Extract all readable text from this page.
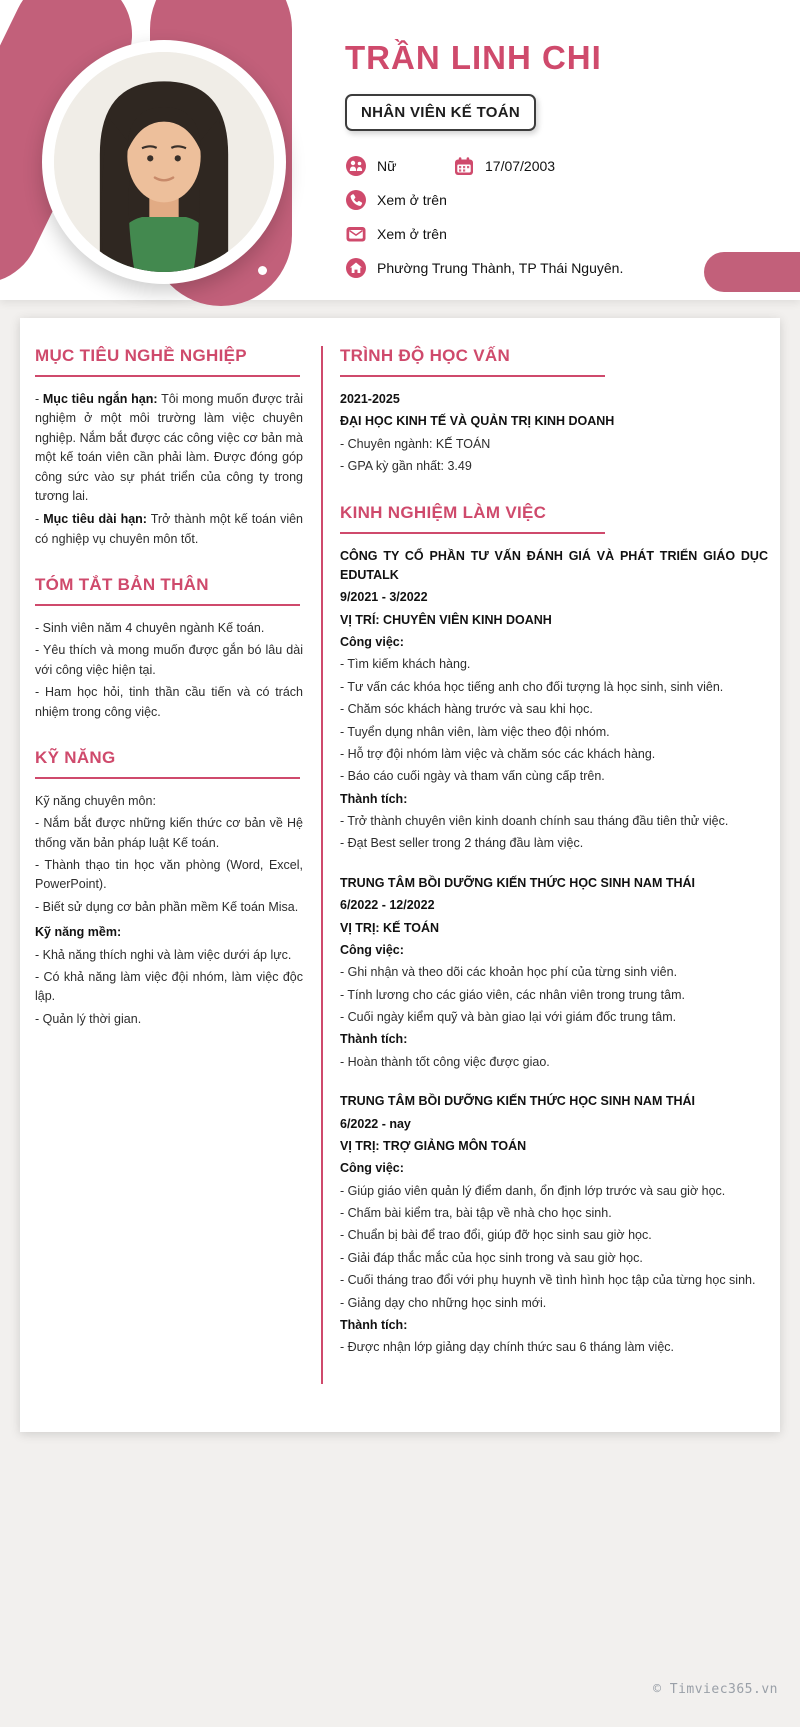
TRẦN LINH CHI
NHÂN VIÊN KẾ TOÁN
Nữ	17/07/2003
Xem ở trên
Xem ở trên
Phường Trung Thành, TP Thái Nguyên.
MỤC TIÊU NGHỀ NGHIỆP

- Mục tiêu ngắn hạn: Tôi mong muốn được trải nghiệm ở một môi trường làm việc chuyên nghiệp. Nắm bắt được các công việc cơ bản mà một kế toán viên cần phải làm. Được đóng góp công sức vào sự phát triển của công ty trong tương lai.

- Mục tiêu dài hạn: Trở thành một kế toán viên có nghiệp vụ chuyên môn tốt.

TÓM TẮT BẢN THÂN

- Sinh viên năm 4 chuyên ngành Kế toán.

- Yêu thích và mong muốn được gắn bó lâu dài với công việc hiện tại.

- Ham học hỏi, tinh thần cầu tiến và có trách nhiệm trong công việc.

KỸ NĂNG

Kỹ năng chuyên môn:

- Nắm bắt được những kiến thức cơ bản về Hệ thống văn bản pháp luật Kế toán.

- Thành thạo tin học văn phòng (Word, Excel, PowerPoint).

- Biết sử dụng cơ bản phần mềm Kế toán Misa.

Kỹ năng mềm:

- Khả năng thích nghi và làm việc dưới áp lực.

- Có khả năng làm việc đội nhóm, làm việc độc lập.

- Quản lý thời gian.

TRÌNH ĐỘ HỌC VẤN

2021-2025

ĐẠI HỌC KINH TẾ VÀ QUẢN TRỊ KINH DOANH

- Chuyên ngành: KẾ TOÁN

- GPA kỳ gần nhất: 3.49

KINH NGHIỆM LÀM VIỆC

CÔNG TY CỔ PHẦN TƯ VẤN ĐÁNH GIÁ VÀ PHÁT TRIỂN GIÁO DỤC EDUTALK

9/2021 - 3/2022

VỊ TRÍ: CHUYÊN VIÊN KINH DOANH

Công việc:

- Tìm kiếm khách hàng.

- Tư vấn các khóa học tiếng anh cho đối tượng là học sinh, sinh viên.

- Chăm sóc khách hàng trước và sau khi học.

- Tuyển dụng nhân viên, làm việc theo đội nhóm.

- Hỗ trợ đội nhóm làm việc và chăm sóc các khách hàng.

- Báo cáo cuối ngày và tham vấn cùng cấp trên.

Thành tích:

- Trở thành chuyên viên kinh doanh chính sau tháng đầu tiên thử việc.

- Đạt Best seller trong 2 tháng đầu làm việc.

TRUNG TÂM BỒI DƯỠNG KIẾN THỨC HỌC SINH NAM THÁI

6/2022 - 12/2022

VỊ TRỊ: KẾ TOÁN

Công việc:

- Ghi nhận và theo dõi các khoản học phí của từng sinh viên.

- Tính lương cho các giáo viên, các nhân viên trong trung tâm.

- Cuối ngày kiểm quỹ và bàn giao lại với giám đốc trung tâm.

Thành tích:

- Hoàn thành tốt công việc được giao.

TRUNG TÂM BỒI DƯỠNG KIẾN THỨC HỌC SINH NAM THÁI

6/2022 - nay

VỊ TRỊ: TRỢ GIẢNG MÔN TOÁN

Công việc:

- Giúp giáo viên quản lý điểm danh, ổn định lớp trước và sau giờ học.

- Chấm bài kiểm tra, bài tập về nhà cho học sinh.

- Chuẩn bị bài để trao đổi, giúp đỡ học sinh sau giờ học.

- Giải đáp thắc mắc của học sinh trong và sau giờ học.

- Cuối tháng trao đổi với phụ huynh về tình hình học tập của từng học sinh.

- Giảng dạy cho những học sinh mới.

Thành tích:

- Được nhận lớp giảng dạy chính thức sau 6 tháng làm việc.

© Timviec365.vn
